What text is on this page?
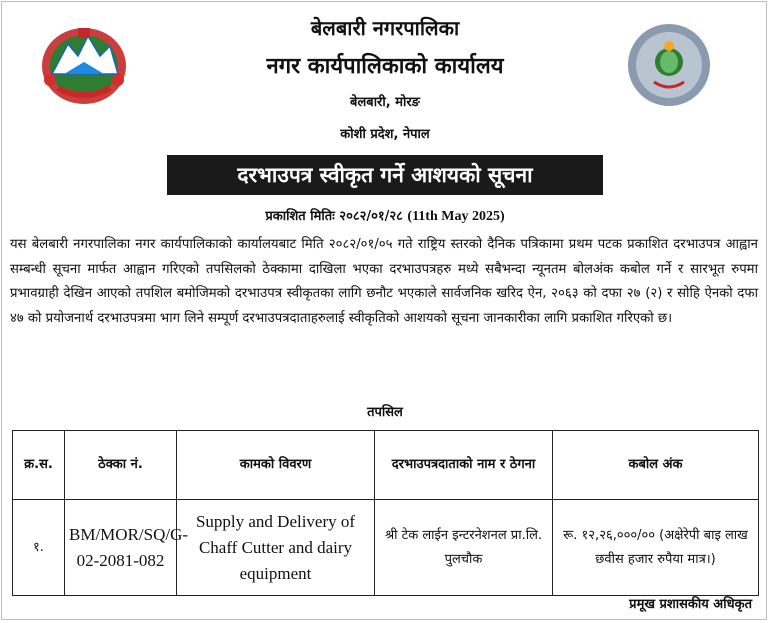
बेलबारी नगरपालिका
नगर कार्यपालिकाको कार्यालय
बेलबारी, मोरङ
कोशी प्रदेश, नेपाल
दरभाउपत्र स्वीकृत गर्ने आशयको सूचना
प्रकाशित मितिः २०८२/०१/२८ (11th May 2025)
यस बेलबारी नगरपालिका नगर कार्यपालिकाको कार्यालयबाट मिति २०८२/०१/०५ गते राष्ट्रिय स्तरको दैनिक पत्रिकामा प्रथम पटक प्रकाशित दरभाउपत्र आह्वान सम्बन्धी सूचना मार्फत आह्वान गरिएको तपसिलको ठेक्कामा दाखिला भएका दरभाउपत्रहरु मध्ये सबैभन्दा न्यूनतम बोलअंक कबोल गर्ने र सारभूत रुपमा प्रभावग्राही देखिन आएको तपशिल बमोजिमको दरभाउपत्र स्वीकृतका लागि छनौट भएकाले सार्वजनिक खरिद ऐन, २०६३ को दफा २७ (२) र सोहि ऐनको दफा ४७ को प्रयोजनार्थ दरभाउपत्रमा भाग लिने सम्पूर्ण दरभाउपत्रदाताहरुलाई स्वीकृतिको आशयको सूचना जानकारीका लागि प्रकाशित गरिएको छ।
तपसिल
क्र.स.	ठेक्का नं.	कामको विवरण	दरभाउपत्रदाताको नाम र ठेगना	कबोल अंक
१.	BM/MOR/SQ/G-02-2081-082	Supply and Delivery of Chaff Cutter and dairy equipment	श्री टेक लाईन इन्टरनेशनल प्रा.लि. पुलचौक	रू. १२,२६,०००/०० (अक्षेरेपी बाइ लाख छवीस हजार रुपैया मात्र।)
प्रमूख प्रशासकीय अधिकृत
